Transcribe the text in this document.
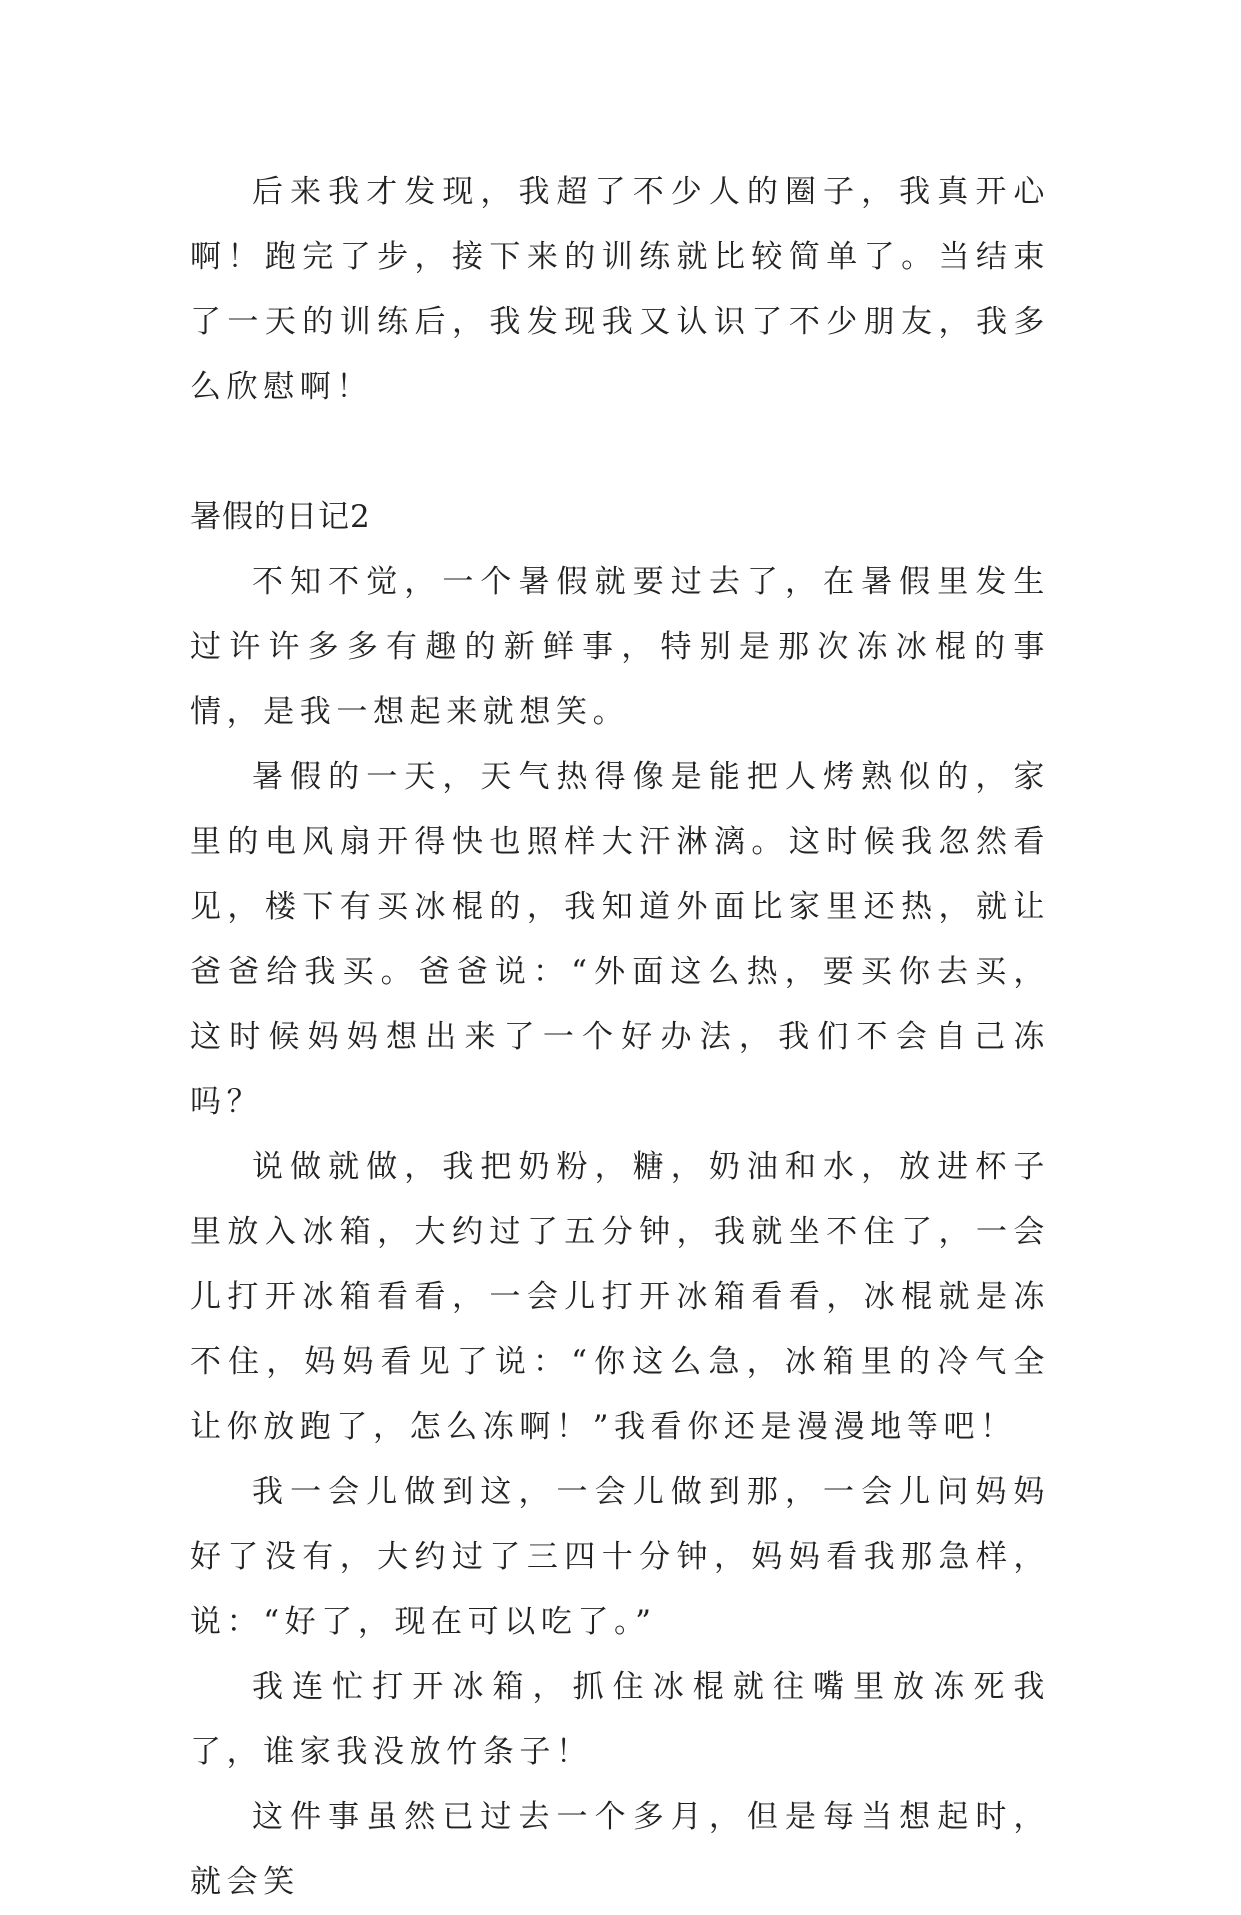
后来我才发现，我超了不少人的圈子，我真开心啊！跑完了步，接下来的训练就比较简单了。当结束了一天的训练后，我发现我又认识了不少朋友，我多么欣慰啊！

暑假的日记2

不知不觉，一个暑假就要过去了，在暑假里发生过许许多多有趣的新鲜事，特别是那次冻冰棍的事情，是我一想起来就想笑。

暑假的一天，天气热得像是能把人烤熟似的，家里的电风扇开得快也照样大汗淋漓。这时候我忽然看见，楼下有买冰棍的，我知道外面比家里还热，就让爸爸给我买。爸爸说：“外面这么热，要买你去买，这时候妈妈想出来了一个好办法，我们不会自己冻吗？

说做就做，我把奶粉，糖，奶油和水，放进杯子里放入冰箱，大约过了五分钟，我就坐不住了，一会儿打开冰箱看看，一会儿打开冰箱看看，冰棍就是冻不住，妈妈看见了说：“你这么急，冰箱里的冷气全让你放跑了，怎么冻啊！”我看你还是漫漫地等吧！

我一会儿做到这，一会儿做到那，一会儿问妈妈好了没有，大约过了三四十分钟，妈妈看我那急样，说：“好了，现在可以吃了。”

我连忙打开冰箱，抓住冰棍就往嘴里放冻死我了，谁家我没放竹条子！

这件事虽然已过去一个多月，但是每当想起时，就会笑
